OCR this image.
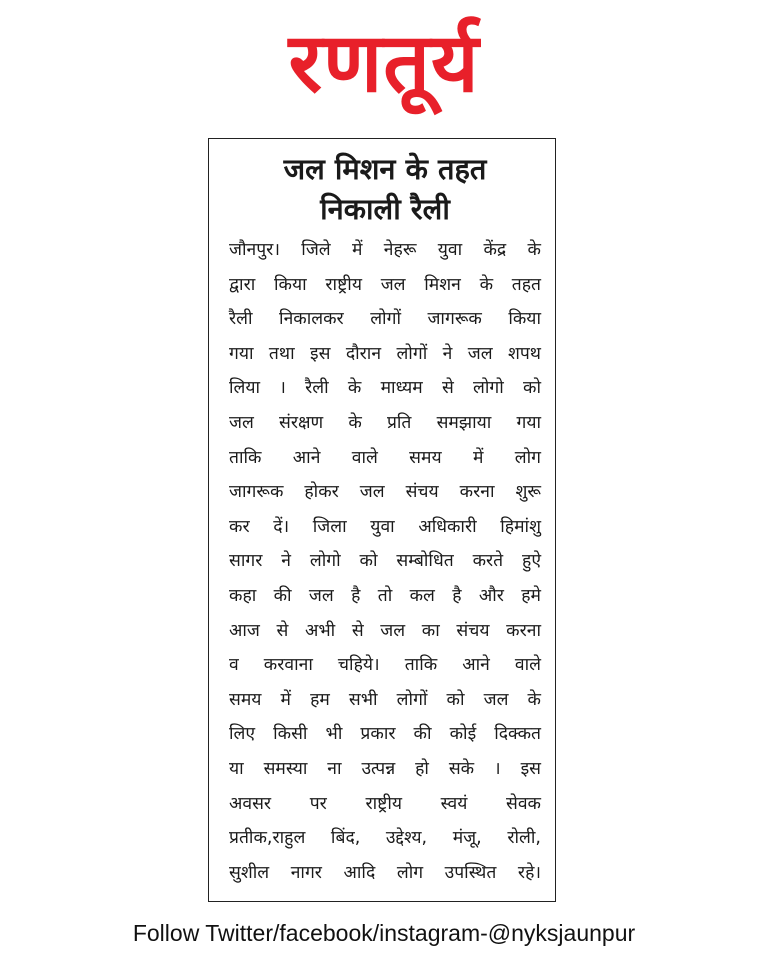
रणतूर्य
जल मिशन के तहत
निकाली रैली
जौनपुर। जिले में नेहरू युवा केंद्र के
द्वारा किया राष्ट्रीय जल मिशन के तहत
रैली निकालकर लोगों जागरूक किया
गया तथा इस दौरान लोगों ने जल शपथ
लिया । रैली के माध्यम से लोगो को
जल संरक्षण के प्रति समझाया गया
ताकि आने वाले समय में लोग
जागरूक होकर जल संचय करना शुरू
कर दें। जिला युवा अधिकारी हिमांशु
सागर ने लोगो को सम्बोधित करते हुऐ
कहा की जल है तो कल है और हमे
आज से अभी से जल का संचय करना
व करवाना चहिये। ताकि आने वाले
समय में हम सभी लोगों को जल के
लिए किसी भी प्रकार की कोई दिक्कत
या समस्या ना उत्पन्न हो सके । इस
अवसर पर राष्ट्रीय स्वयं सेवक
प्रतीक,राहुल बिंद, उद्देश्य, मंजू, रोली,
सुशील नागर आदि लोग उपस्थित रहे।
Follow Twitter/facebook/instagram-@nyksjaunpur
